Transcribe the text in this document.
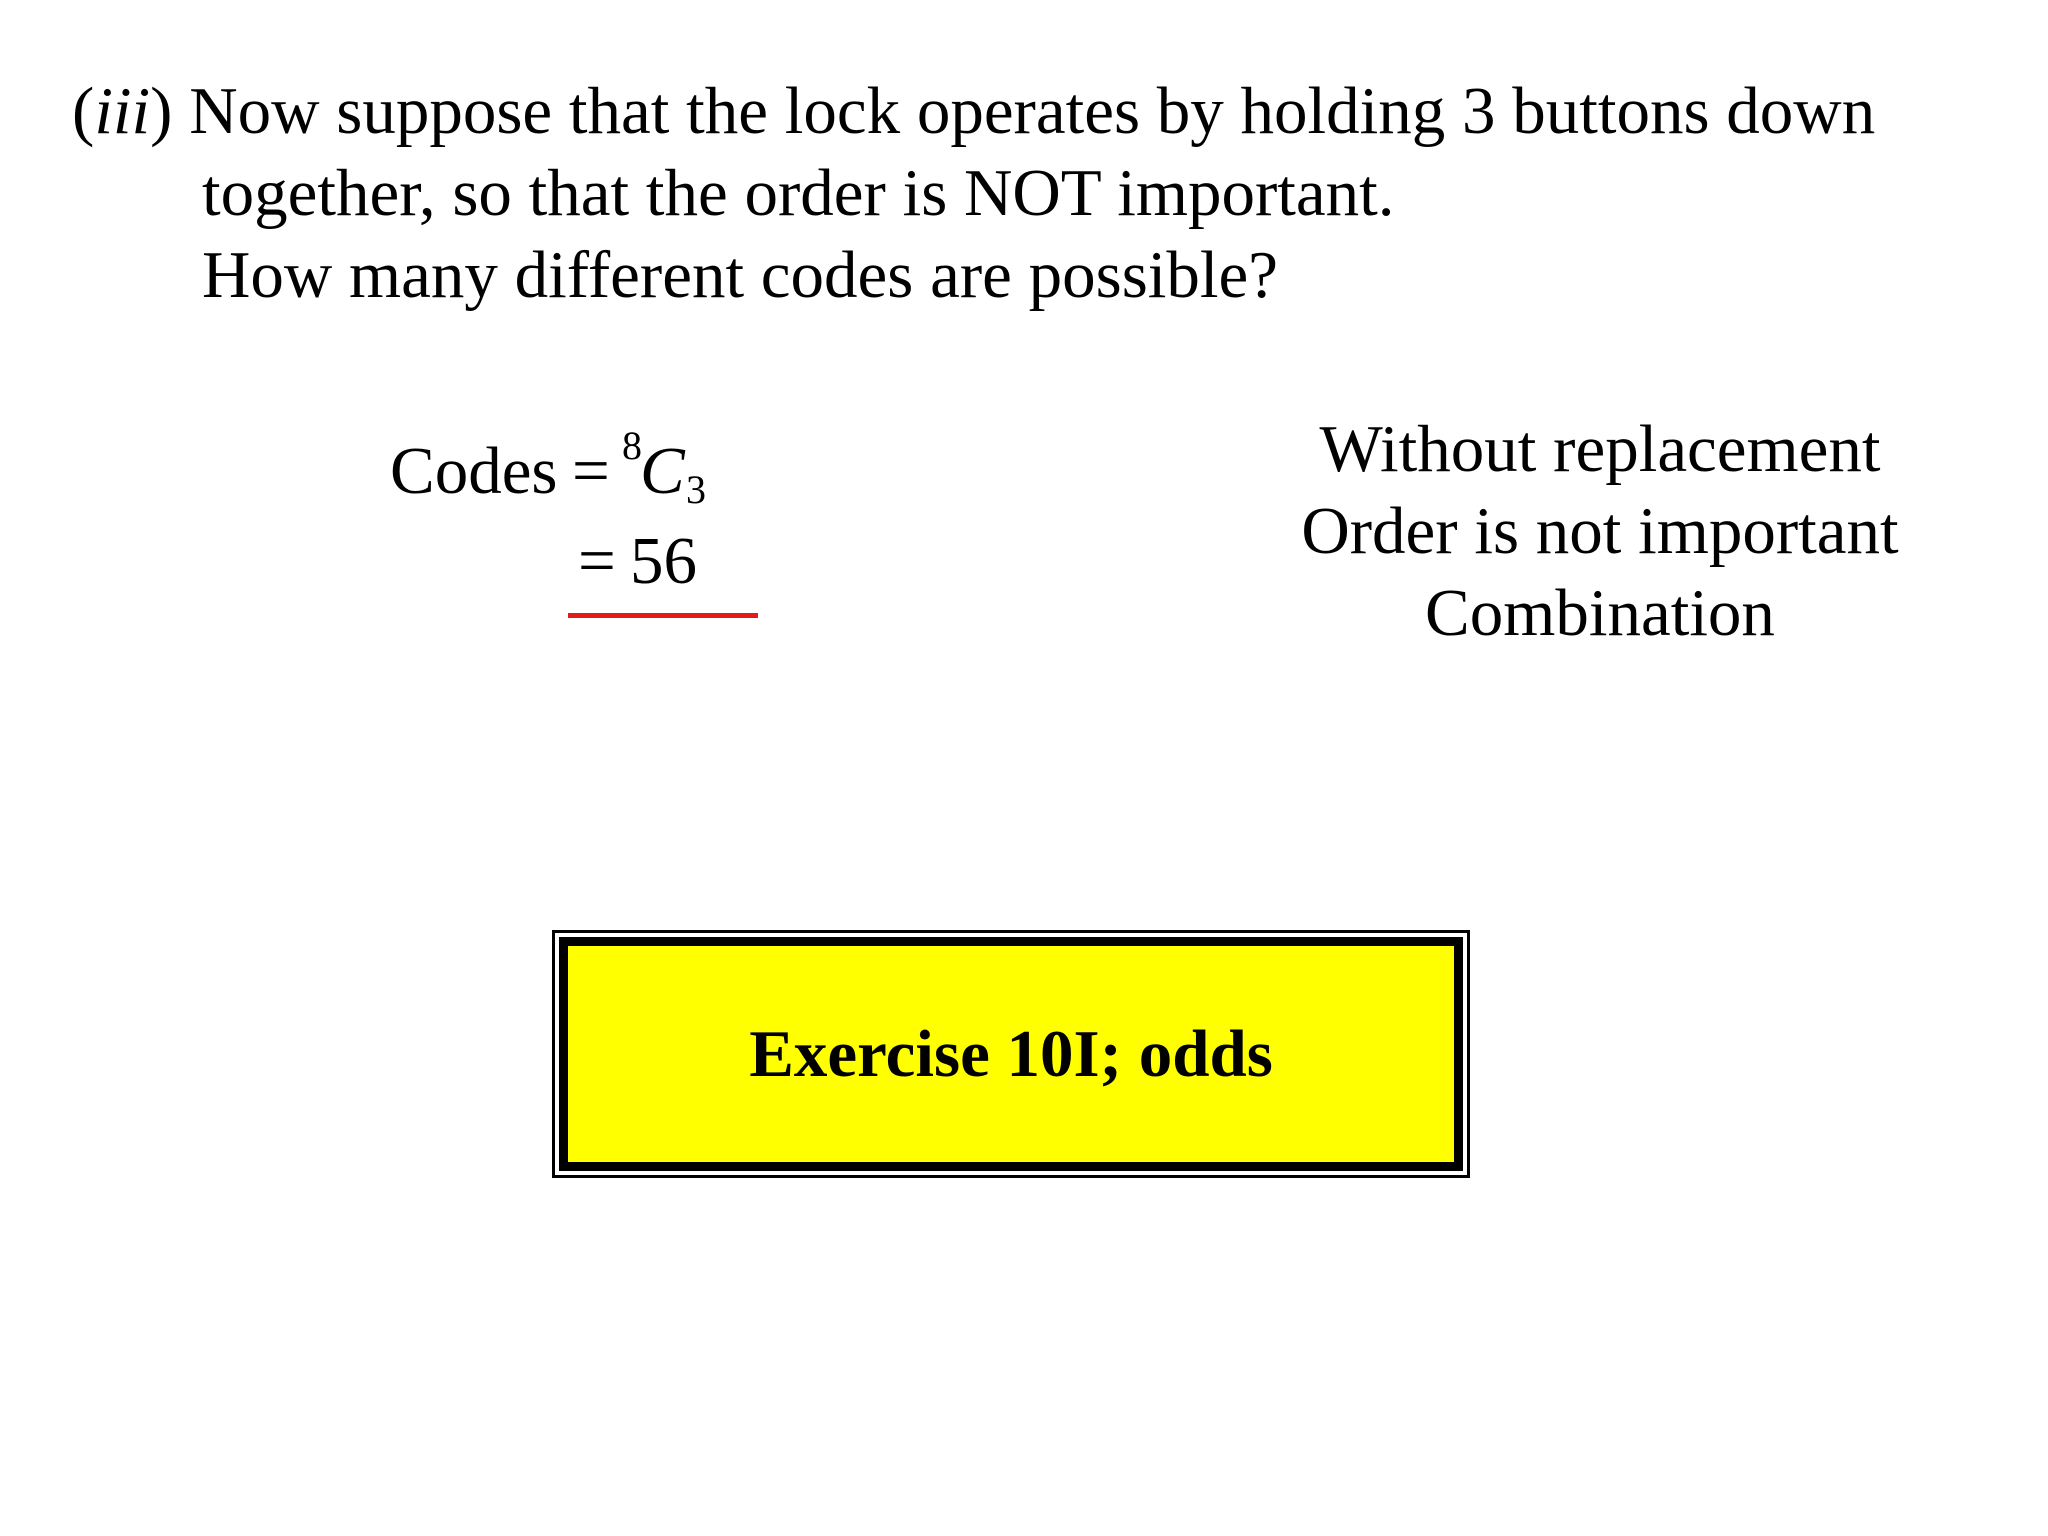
(iii) Now suppose that the lock operates by holding 3 buttons down
together, so that the order is NOT important.
How many different codes are possible?
Codes = 8
C 3
= 56
Without replacement
Order is not important
Combination
Exercise 10I; odds
